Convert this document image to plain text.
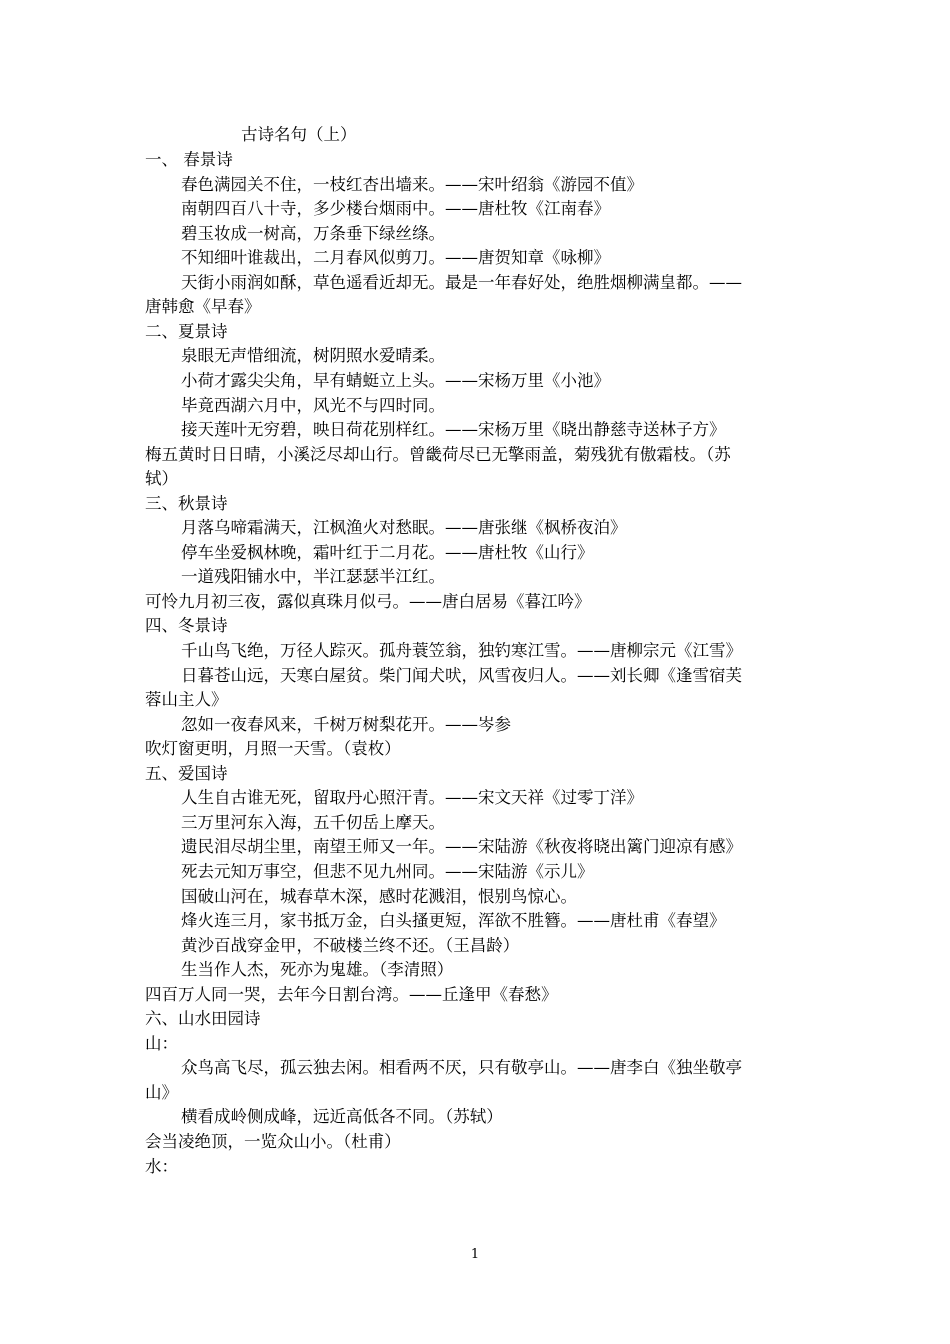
古诗名句（上）
一、 春景诗
春色满园关不住，一枝红杏出墙来。——宋叶绍翁《游园不值》
南朝四百八十寺，多少楼台烟雨中。——唐杜牧《江南春》
碧玉妆成一树高，万条垂下绿丝绦。
不知细叶谁裁出，二月春风似剪刀。——唐贺知章《咏柳》
天街小雨润如酥，草色遥看近却无。最是一年春好处，绝胜烟柳满皇都。——
唐韩愈《早春》
二、夏景诗
泉眼无声惜细流，树阴照水爱晴柔。
小荷才露尖尖角，早有蜻蜓立上头。——宋杨万里《小池》
毕竟西湖六月中，风光不与四时同。
接天莲叶无穷碧，映日荷花别样红。——宋杨万里《晓出静慈寺送林子方》
梅五黄时日日晴，小溪泛尽却山行。曾畿荷尽已无擎雨盖，菊残犹有傲霜枝。（苏
轼）
三、秋景诗
月落乌啼霜满天，江枫渔火对愁眠。——唐张继《枫桥夜泊》
停车坐爱枫林晚，霜叶红于二月花。——唐杜牧《山行》
一道残阳铺水中，半江瑟瑟半江红。
可怜九月初三夜，露似真珠月似弓。——唐白居易《暮江吟》
四、冬景诗
千山鸟飞绝，万径人踪灭。孤舟蓑笠翁，独钓寒江雪。——唐柳宗元《江雪》
日暮苍山远，天寒白屋贫。柴门闻犬吠，风雪夜归人。——刘长卿《逢雪宿芙
蓉山主人》
忽如一夜春风来，千树万树梨花开。——岑参
吹灯窗更明，月照一天雪。（袁枚）
五、爱国诗
人生自古谁无死，留取丹心照汗青。——宋文天祥《过零丁洋》
三万里河东入海，五千仞岳上摩天。
遗民泪尽胡尘里，南望王师又一年。——宋陆游《秋夜将晓出篱门迎凉有感》
死去元知万事空，但悲不见九州同。——宋陆游《示儿》
国破山河在，城春草木深，感时花溅泪，恨别鸟惊心。
烽火连三月，家书抵万金，白头搔更短，浑欲不胜簪。——唐杜甫《春望》
黄沙百战穿金甲，不破楼兰终不还。（王昌龄）
生当作人杰，死亦为鬼雄。（李清照）
四百万人同一哭，去年今日割台湾。——丘逢甲《春愁》
六、山水田园诗
山：
众鸟高飞尽，孤云独去闲。相看两不厌，只有敬亭山。——唐李白《独坐敬亭
山》
横看成岭侧成峰，远近高低各不同。（苏轼）
会当凌绝顶，一览众山小。（杜甫）
水：
1
